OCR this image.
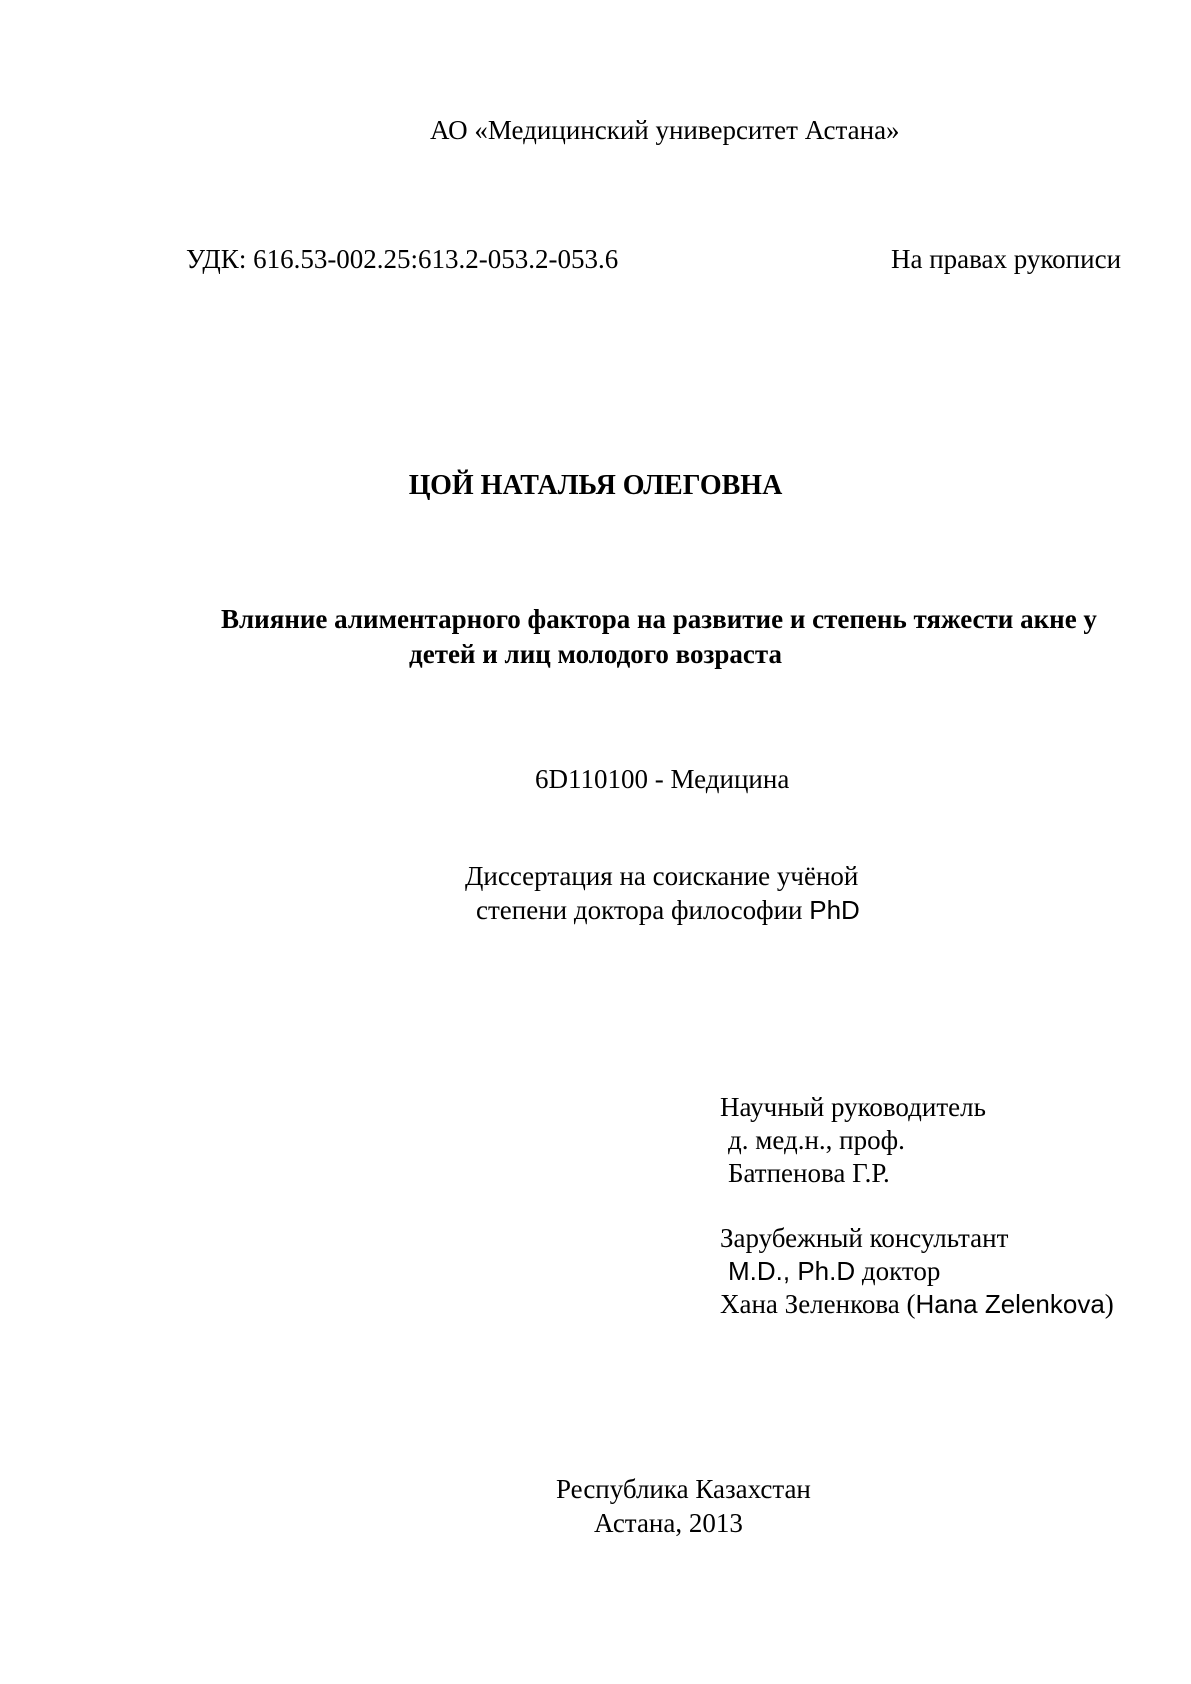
АО «Медицинский университет Астана»
УДК: 616.53-002.25:613.2-053.2-053.6	На правах рукописи
ЦОЙ НАТАЛЬЯ ОЛЕГОВНА
Влияние алиментарного фактора на развитие и степень тяжести акне у
детей и лиц молодого возраста
6D110100 - Медицина
Диссертация на соискание учёной
степени доктора философии PhD
Научный руководитель
д. мед.н., проф.
Батпенова Г.Р.
Зарубежный консультант
M.D., Ph.D доктор
Хана Зеленкова (Hana Zelenkova)
Республика Казахстан
Астана, 2013
